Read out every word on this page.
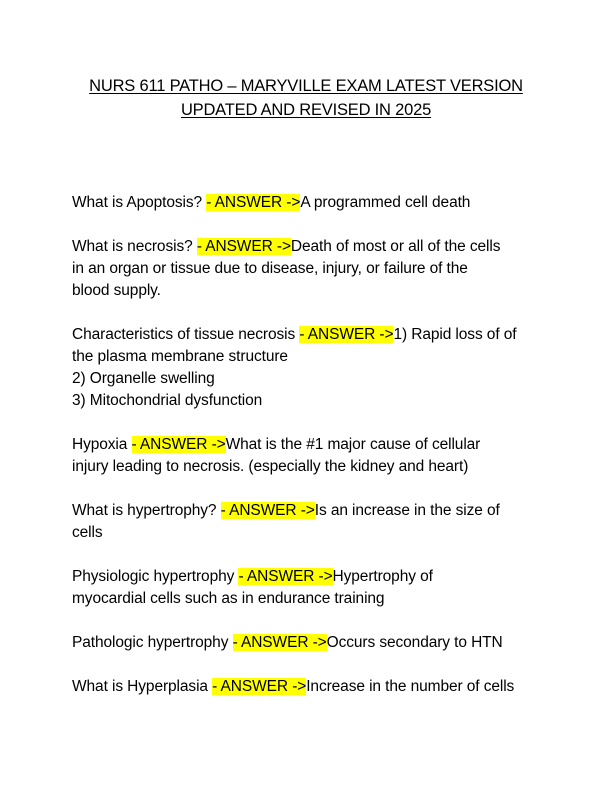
NURS 611 PATHO – MARYVILLE EXAM LATEST VERSION
UPDATED AND REVISED IN 2025
What is Apoptosis? - ANSWER ->A programmed cell death
What is necrosis? - ANSWER ->Death of most or all of the cells
in an organ or tissue due to disease, injury, or failure of the
blood supply.
Characteristics of tissue necrosis - ANSWER ->1) Rapid loss of of
the plasma membrane structure
2) Organelle swelling
3) Mitochondrial dysfunction
Hypoxia - ANSWER ->What is the #1 major cause of cellular
injury leading to necrosis. (especially the kidney and heart)
What is hypertrophy? - ANSWER ->Is an increase in the size of
cells
Physiologic hypertrophy - ANSWER ->Hypertrophy of
myocardial cells such as in endurance training
Pathologic hypertrophy - ANSWER ->Occurs secondary to HTN
What is Hyperplasia - ANSWER ->Increase in the number of cells
